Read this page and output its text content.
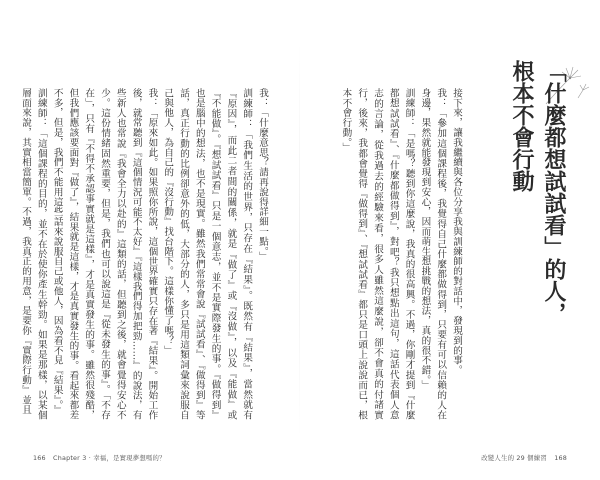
我：「什麼意思？請再說得詳細一點。」

訓練師：「我們生活的世界，只存在『結果』。既然有『結果』，當然就有『原因』，而此二者間的關係，就是『做了』或『沒做』，以及『能做』或『不能做』。『想試試看』只是一個意志，並不是實際發生的事。『做得到』也是腦中的想法，也不是現實。雖然我們常常會說『試試看』、『做得到』等話，真正行動的比例卻意外的低，大部分的人，多只是用這類詞彙來說服自己與他人，為自己的『沒行動』找台階下。這樣你懂了嗎？」

我：「原來如此。如果照你所說，這個世界確實只存在著『結果』。開始工作後，就常聽到『這個情況可能不太好』『這樣我們得加把勁……』的說法，有些新人也常說『我會全力以赴的』這類的話，但聽到之後，就會覺得安心不少。這份情緒固然重要，但是，我們也可以說這是『從未發生的事』。「不存在」，只有『不得不承認事實就是這樣』，才是真實發生的事。雖然很殘酷，但我們應該要面對『做了』，結果就是這樣，才是真實發生的事。看起來都差不多，但是，我們不能用這些話來說服自己或他人，因為看不見『結果』。』

訓練師：「這個課程的目的，並不在於使你產生幹勁。如果是那樣，以某個層面來說，其實相當簡單。不過，我真正的用意，是要你『實際行動』並且

166 Chapter 3 · 幸福，是實現夢想嗎的？
「什麼都想試試看」的人，
根本不會行動

接下來，讓我繼續與各位分享我與訓練師的對話中，發現到的事。

我：「參加這個課程後，我覺得自己什麼都做得到，只要有可以信賴的人在身邊，果然就能發現到安心，因而萌生想挑戰的想法，真的很不錯。」

訓練師：「是嗎？聽到你這麼說，我真的很高興。不過，你剛才提到『什麼都想試試看』、『什麼都做得到』，對吧？我只想點出這句，這話代表個人意志的言論，從我過去的經驗來看，很多人雖然這麼說，卻不會真的付諸實行，後來，我都會覺得『做得到』、『想試試看』都只是口頭上說說而已，根本不會行動。」

改變人生的 29 個練習 168
